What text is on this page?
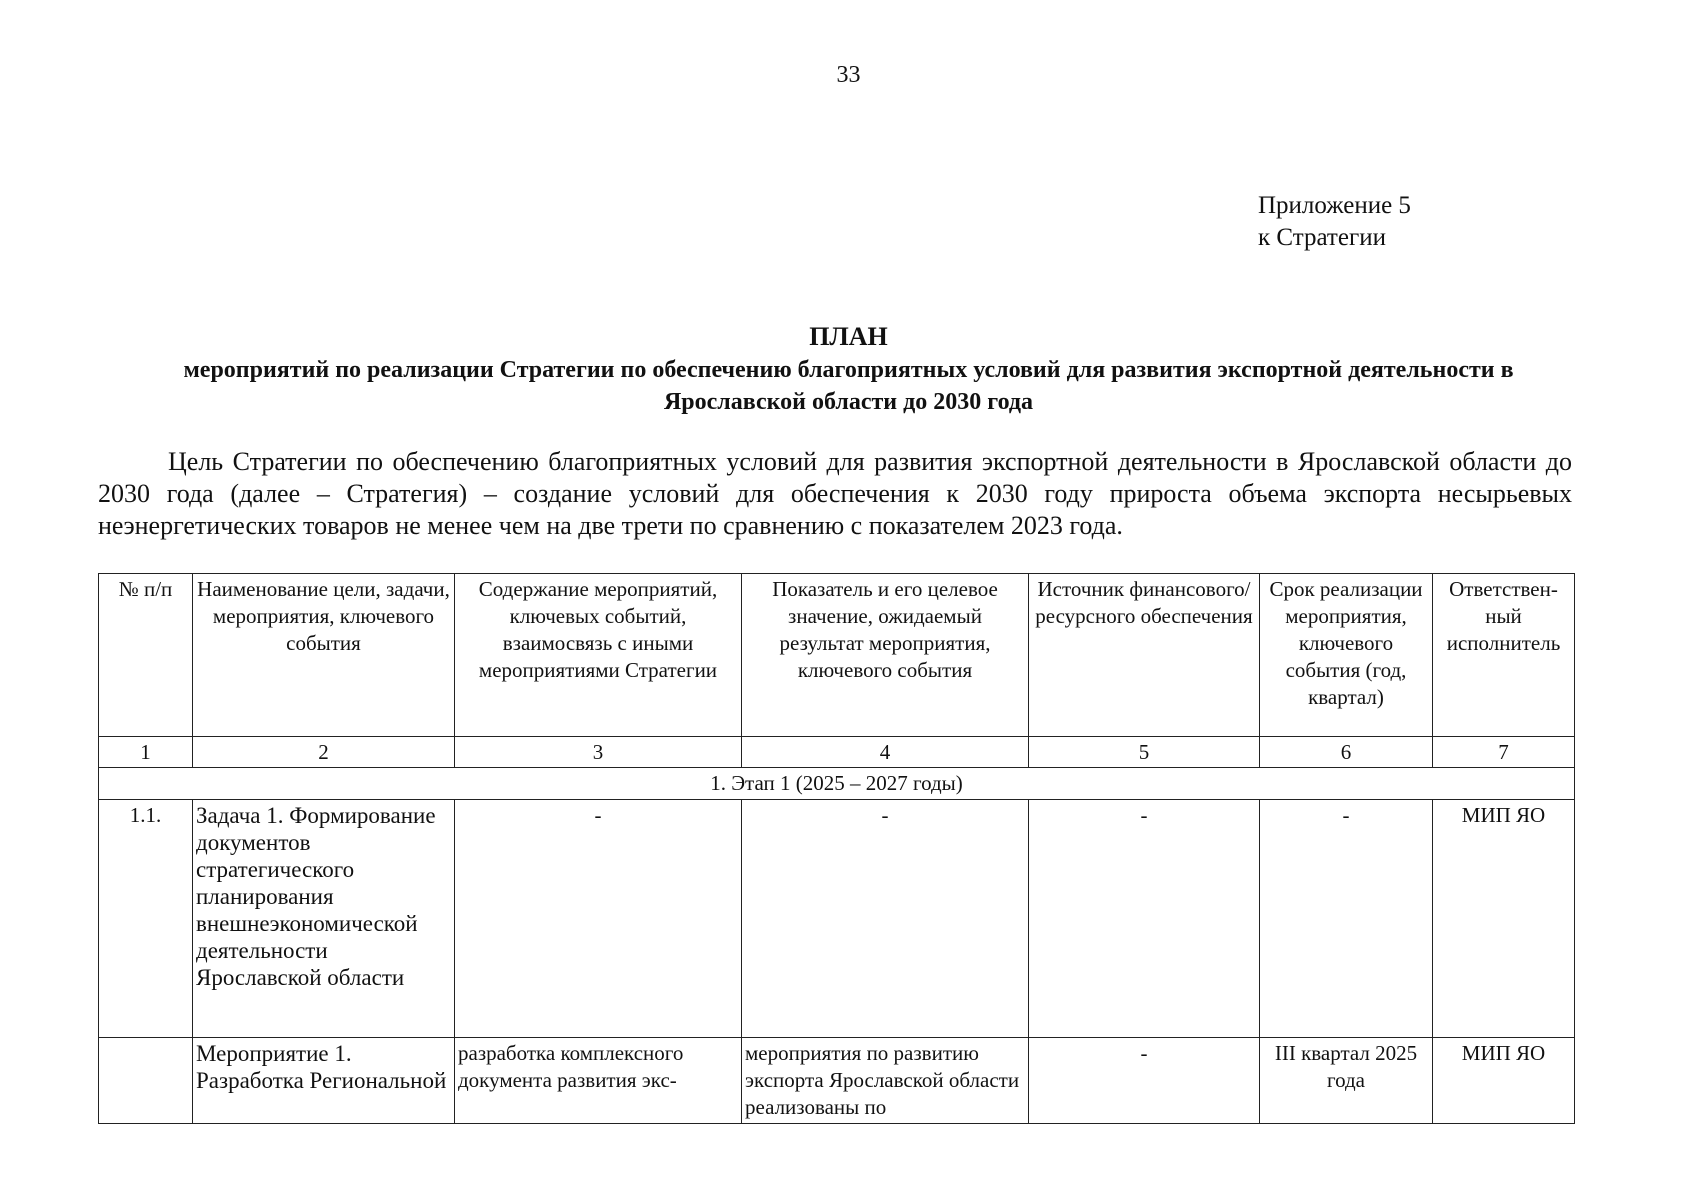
33
Приложение 5
к Стратегии
ПЛАН
мероприятий по реализации Стратегии по обеспечению благоприятных условий для развития экспортной деятельности в Ярославской области до 2030 года
Цель Стратегии по обеспечению благоприятных условий для развития экспортной деятельности в Ярославской области до 2030 года (далее – Стратегия) – создание условий для обеспечения к 2030 году прироста объема экспорта несырьевых неэнергетических товаров не менее чем на две трети по сравнению с показателем 2023 года.
№ п/п	Наименование цели, задачи, мероприятия, ключевого события	Содержание мероприятий, ключевых событий, взаимосвязь с иными мероприятиями Стратегии	Показатель и его целевое значение, ожидаемый результат мероприятия, ключевого события	Источник финансового/ ресурсного обеспечения	Срок реализации мероприятия, ключевого события (год, квартал)	Ответствен-ный исполнитель
1	2	3	4	5	6	7
1. Этап 1 (2025 – 2027 годы)						
1.1.	Задача 1. Формирование документов стратегического планирования внешнеэкономической деятельности Ярославской области	-	-	-	-	МИП ЯО
	Мероприятие 1. Разработка Региональной	разработка комплексного документа развития экс-	мероприятия по развитию экспорта Ярославской области реализованы по	-	III квартал 2025 года	МИП ЯО
